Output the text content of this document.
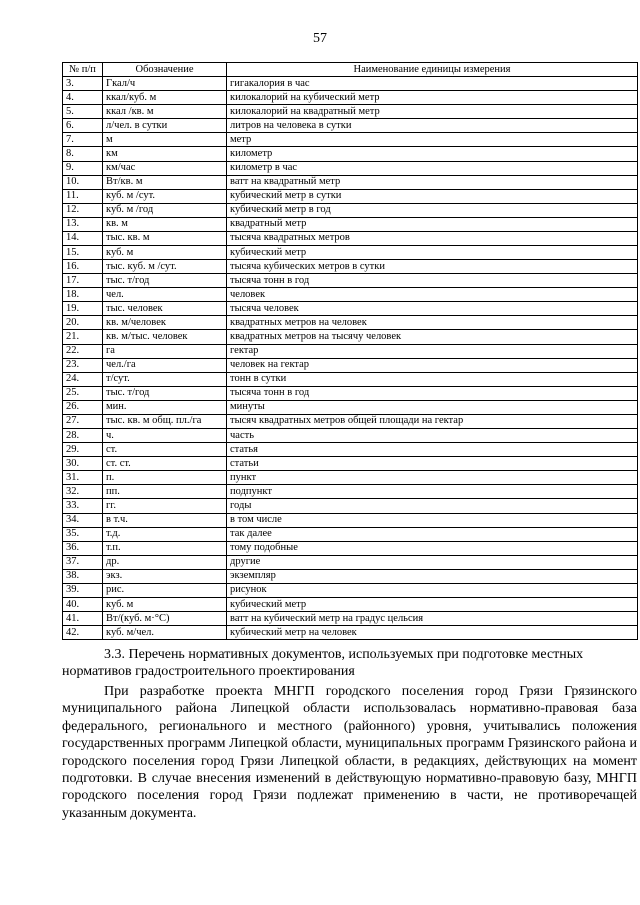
57
№ п/п	Обозначение	Наименование единицы измерения
3.	Гкал/ч	гигакалория в час
4.	ккал/куб. м	килокалорий на кубический метр
5.	ккал /кв. м	килокалорий на квадратный метр
6.	л/чел. в сутки	литров на человека в сутки
7.	м	метр
8.	км	километр
9.	км/час	километр в час
10.	Вт/кв. м	ватт на квадратный метр
11.	куб. м /сут.	кубический метр в сутки
12.	куб. м /год	кубический метр в год
13.	кв. м	квадратный метр
14.	тыс. кв. м	тысяча квадратных метров
15.	куб. м	кубический метр
16.	тыс. куб. м /сут.	тысяча кубических метров в сутки
17.	тыс. т/год	тысяча тонн в год
18.	чел.	человек
19.	тыс. человек	тысяча человек
20.	кв. м/человек	квадратных метров на человек
21.	кв. м/тыс. человек	квадратных метров на тысячу человек
22.	га	гектар
23.	чел./га	человек на гектар
24.	т/сут.	тонн в сутки
25.	тыс. т/год	тысяча тонн в год
26.	мин.	минуты
27.	тыс. кв. м общ. пл./га	тысяч квадратных метров общей площади на гектар
28.	ч.	часть
29.	ст.	статья
30.	ст. ст.	статьи
31.	п.	пункт
32.	пп.	подпункт
33.	гг.	годы
34.	в т.ч.	в том числе
35.	т.д.	так далее
36.	т.п.	тому подобные
37.	др.	другие
38.	экз.	экземпляр
39.	рис.	рисунок
40.	куб. м	кубический метр
41.	Вт/(куб. м·°С)	ватт на кубический метр на градус цельсия
42.	куб. м/чел.	кубический метр на человек
3.3. Перечень нормативных документов, используемых при подготовке местных
нормативов градостроительного проектирования

При разработке проекта МНГП городского поселения город Грязи Грязинского муниципального района Липецкой области использовалась нормативно-правовая база федерального, регионального и местного (районного) уровня, учитывались положения государственных программ Липецкой области, муниципальных программ Грязинского района и городского поселения город Грязи Липецкой области, в редакциях, действующих на момент подготовки. В случае внесения изменений в действующую нормативно-правовую базу, МНГП городского поселения город Грязи подлежат применению в части, не противоречащей указанным документа.
